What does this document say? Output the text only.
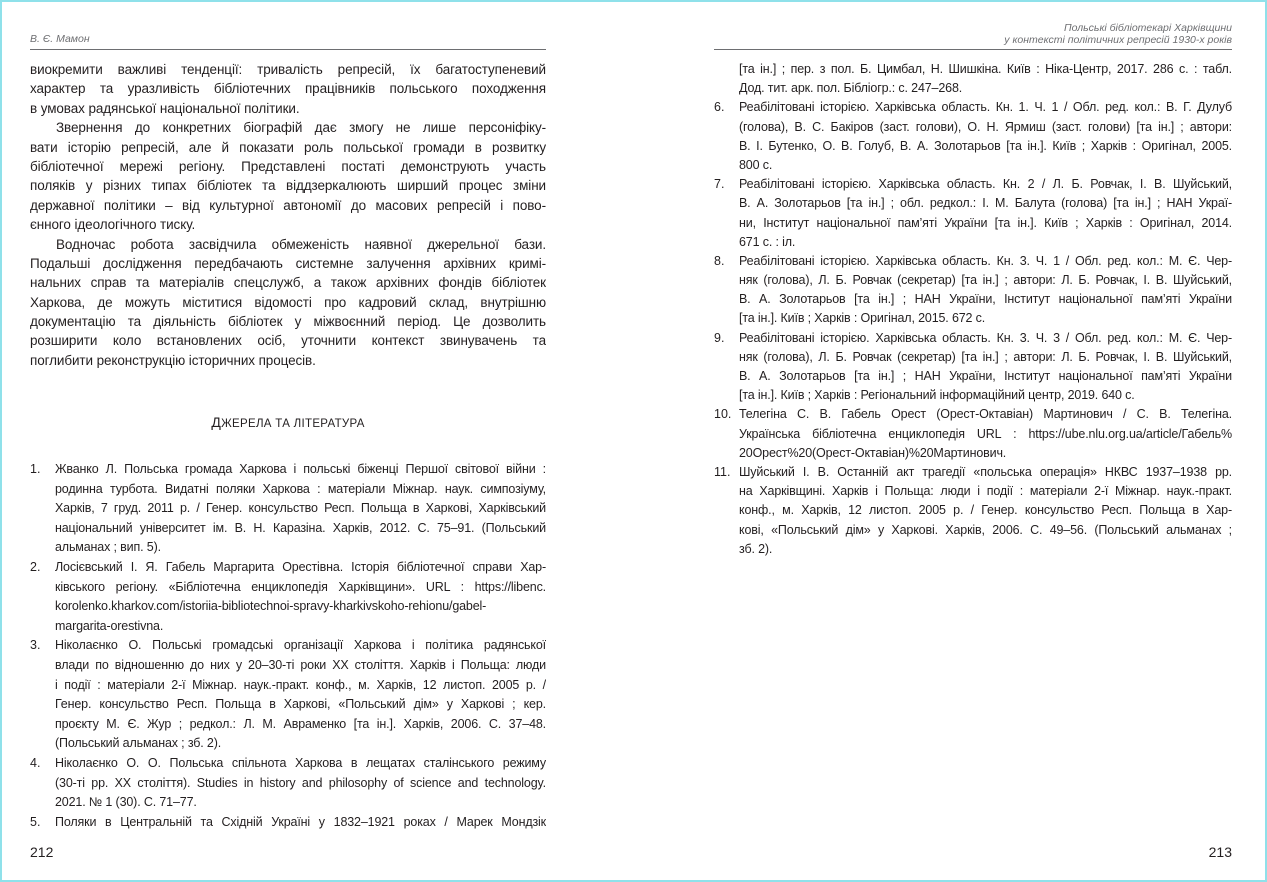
В. Є. Мамон
виокремити важливі тенденції: тривалість репресій, їх багатоступеневий
характер та уразливість бібліотечних працівників польського походження
в умовах радянської національної політики.
Звернення до конкретних біографій дає змогу не лише персоніфіку-
вати історію репресій, але й показати роль польської громади в розвитку
бібліотечної мережі регіону. Представлені постаті демонструють участь
поляків у різних типах бібліотек та віддзеркалюють ширший процес зміни
державної політики – від культурної автономії до масових репресій і пово-
єнного ідеологічного тиску.
Водночас робота засвідчила обмеженість наявної джерельної бази.
Подальші дослідження передбачають системне залучення архівних кримі-
нальних справ та матеріалів спецслужб, а також архівних фондів бібліотек
Харкова, де можуть міститися відомості про кадровий склад, внутрішню
документацію та діяльність бібліотек у міжвоєнний період. Це дозволить
розширити коло встановлених осіб, уточнити контекст звинувачень та
поглибити реконструкцію історичних процесів.
ДЖЕРЕЛА ТА ЛІТЕРАТУРА
1. Жванко Л. Польська громада Харкова і польські біженці Першої світової війни :
родинна турбота. Видатні поляки Харкова : матеріали Міжнар. наук. симпозіуму,
Харків, 7 груд. 2011 р. / Генер. консульство Респ. Польща в Харкові, Харківський
національний університет ім. В. Н. Каразіна. Харків, 2012. С. 75–91. (Польський
альманах ; вип. 5).
2. Лосієвський І. Я. Габель Маргарита Орестівна. Історія бібліотечної справи Хар-
ківського регіону. «Бібліотечна енциклопедія Харківщини». URL : https://libenc.
korolenko.kharkov.com/istoriia-bibliotechnoi-spravy-kharkivskoho-rehionu/gabel-
margarita-orestivna.
3. Ніколаєнко О. Польські громадські організації Харкова і політика радянської
влади по відношенню до них у 20–30-ті роки ХХ століття. Харків і Польща: люди
і події : матеріали 2-ї Міжнар. наук.-практ. конф., м. Харків, 12 листоп. 2005 р. /
Генер. консульство Респ. Польща в Харкові, «Польський дім» у Харкові ; кер.
проєкту М. Є. Жур ; редкол.: Л. М. Авраменко [та ін.]. Харків, 2006. С. 37–48.
(Польський альманах ; зб. 2).
4. Ніколаєнко О. О. Польська спільнота Харкова в лещатах сталінського режиму
(30-ті рр. ХХ століття). Studies in history and philosophy of science and technology.
2021. № 1 (30). С. 71–77.
5. Поляки в Центральній та Східній Україні у 1832–1921 роках / Марек Мондзік
212
Польські бібліотекарі Харківщини
у контексті політичних репресій 1930-х років
[та ін.] ; пер. з пол. Б. Цимбал, Н. Шишкіна. Київ : Ніка-Центр, 2017. 286 с. : табл.
Дод. тит. арк. пол. Бібліогр.: с. 247–268.
6. Реабілітовані історією. Харківська область. Кн. 1. Ч. 1 / Обл. ред. кол.: В. Г. Дулуб
(голова), В. С. Бакіров (заст. голови), О. Н. Ярмиш (заст. голови) [та ін.] ; автори:
В. І. Бутенко, О. В. Голуб, В. А. Золотарьов [та ін.]. Київ ; Харків : Оригінал, 2005.
800 с.
7. Реабілітовані історією. Харківська область. Кн. 2 / Л. Б. Ровчак, І. В. Шуйський,
В. А. Золотарьов [та ін.] ; обл. редкол.: І. М. Балута (голова) [та ін.] ; НАН Украї-
ни, Інститут національної пам’яті України [та ін.]. Київ ; Харків : Оригінал, 2014.
671 с. : іл.
8. Реабілітовані історією. Харківська область. Кн. 3. Ч. 1 / Обл. ред. кол.: М. Є. Чер-
няк (голова), Л. Б. Ровчак (секретар) [та ін.] ; автори: Л. Б. Ровчак, І. В. Шуйський,
В. А. Золотарьов [та ін.] ; НАН України, Інститут національної пам’яті України
[та ін.]. Київ ; Харків : Оригінал, 2015. 672 с.
9. Реабілітовані історією. Харківська область. Кн. 3. Ч. 3 / Обл. ред. кол.: М. Є. Чер-
няк (голова), Л. Б. Ровчак (секретар) [та ін.] ; автори: Л. Б. Ровчак, І. В. Шуйський,
В. А. Золотарьов [та ін.] ; НАН України, Інститут національної пам’яті України
[та ін.]. Київ ; Харків : Регіональний інформаційний центр, 2019. 640 с.
10. Телегіна С. В. Габель Орест (Орест-Октавіан) Мартинович / С. В. Телегіна.
Українська бібліотечна енциклопедія URL : https://ube.nlu.org.ua/article/Габель%
20Орест%20(Орест-Октавіан)%20Мартинович.
11. Шуйський І. В. Останній акт трагедії «польська операція» НКВС 1937–1938 рр.
на Харківщині. Харків і Польща: люди і події : матеріали 2-ї Міжнар. наук.-практ.
конф., м. Харків, 12 листоп. 2005 р. / Генер. консульство Респ. Польща в Хар-
кові, «Польський дім» у Харкові. Харків, 2006. С. 49–56. (Польський альманах ;
зб. 2).
213
